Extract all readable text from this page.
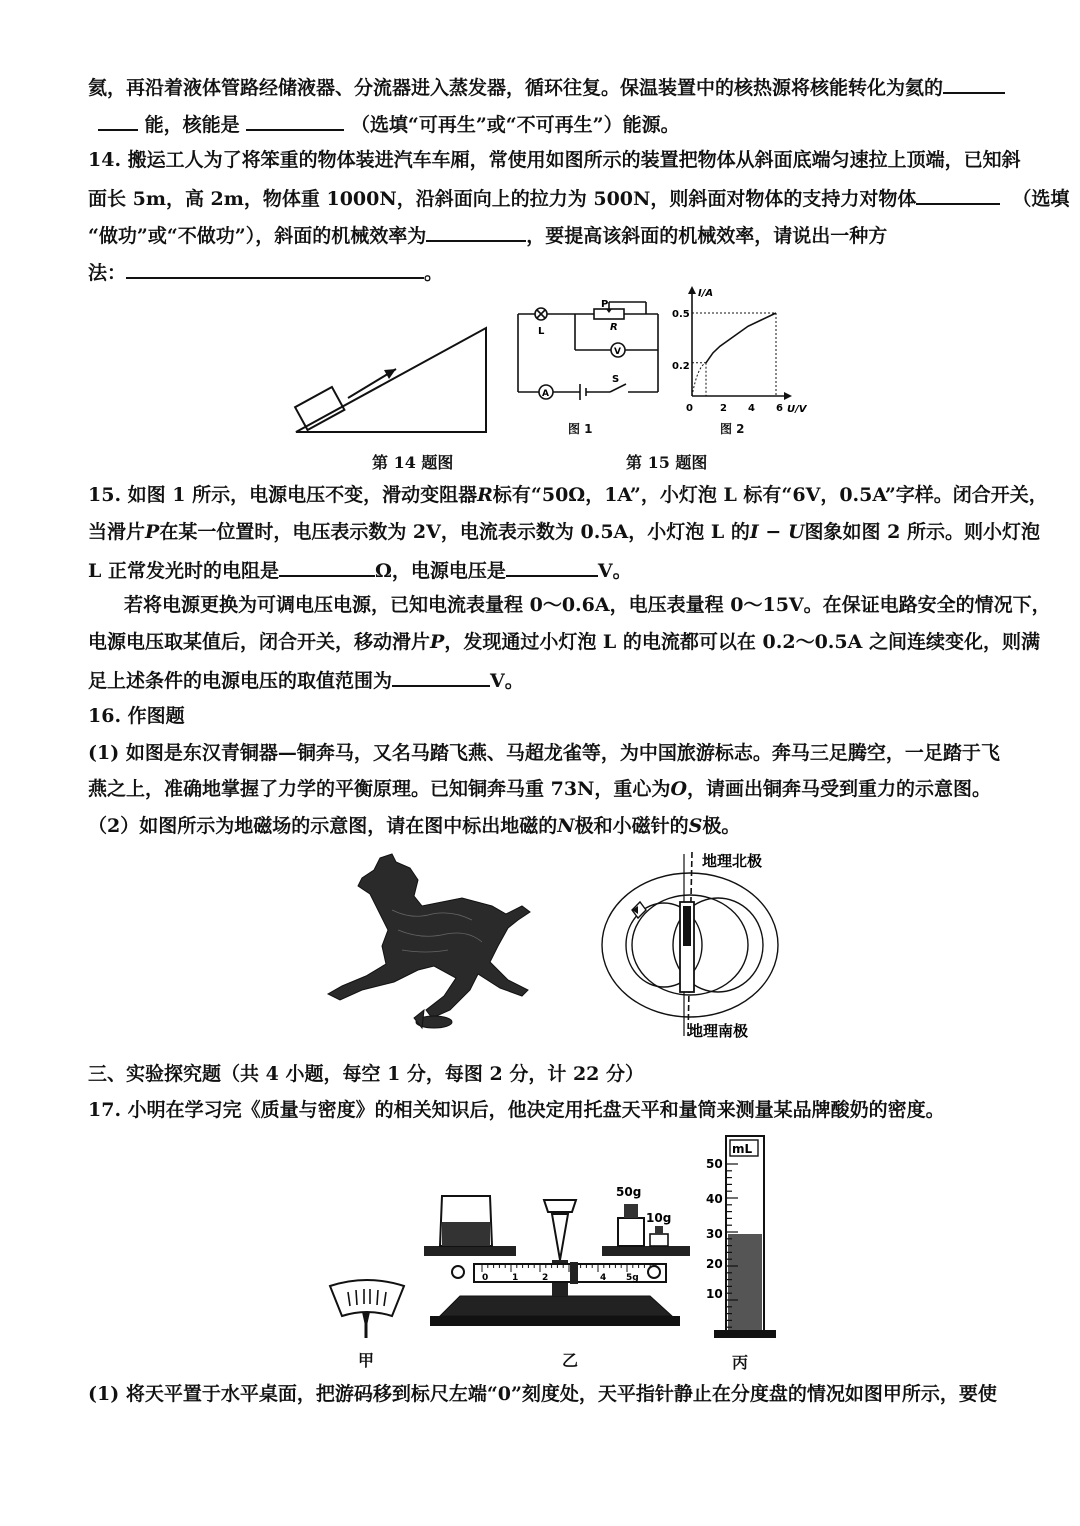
氦，再沿着液体管路经储液器、分流器进入蒸发器，循环往复。保温装置中的核热源将核能转化为氦的
能，核能是	（选填“可再生”或“不可再生”）能源。
14. 搬运工人为了将笨重的物体装进汽车车厢，常使用如图所示的装置把物体从斜面底端匀速拉上顶端，已知斜
面长 5m，高 2m，物体重 1000N，沿斜面向上的拉力为 500N，则斜面对物体的支持力对物体	（选填
“做功”或“不做功”），斜面的机械效率为	，要提高该斜面的机械效率，请说出一种方
法：	。
第 14 题图
L
P
R
V
A
S
图 1
I/A
U/V
0.5
0.2
0	2 4 6
图 2
第 15 题图
15. 如图 1 所示，电源电压不变，滑动变阻器R标有“50Ω，1A”，小灯泡 L 标有“6V，0.5A”字样。闭合开关，
当滑片P在某一位置时，电压表示数为 2V，电流表示数为 0.5A，小灯泡 L 的I − U图象如图 2 所示。则小灯泡
L 正常发光时的电阻是	Ω，电源电压是	V。
若将电源更换为可调电压电源，已知电流表量程 0～0.6A，电压表量程 0～15V。在保证电路安全的情况下，
电源电压取某值后，闭合开关，移动滑片P，发现通过小灯泡 L 的电流都可以在 0.2～0.5A 之间连续变化，则满
足上述条件的电源电压的取值范围为	V。
16. 作图题
(1) 如图是东汉青铜器—铜奔马，又名马踏飞燕、马超龙雀等，为中国旅游标志。奔马三足腾空，一足踏于飞
燕之上，准确地掌握了力学的平衡原理。已知铜奔马重 73N，重心为O，请画出铜奔马受到重力的示意图。
（2）如图所示为地磁场的示意图，请在图中标出地磁的N极和小磁针的S极。
地理北极
地理南极
三、实验探究题（共 4 小题，每空 1 分，每图 2 分，计 22 分）
17. 小明在学习完《质量与密度》的相关知识后，他决定用托盘天平和量筒来测量某品牌酸奶的密度。
甲
50g
10g
0	1	2	4 5g
乙
mL
50
40
30
20
10
丙
(1) 将天平置于水平桌面，把游码移到标尺左端“0”刻度处，天平指针静止在分度盘的情况如图甲所示，要使
